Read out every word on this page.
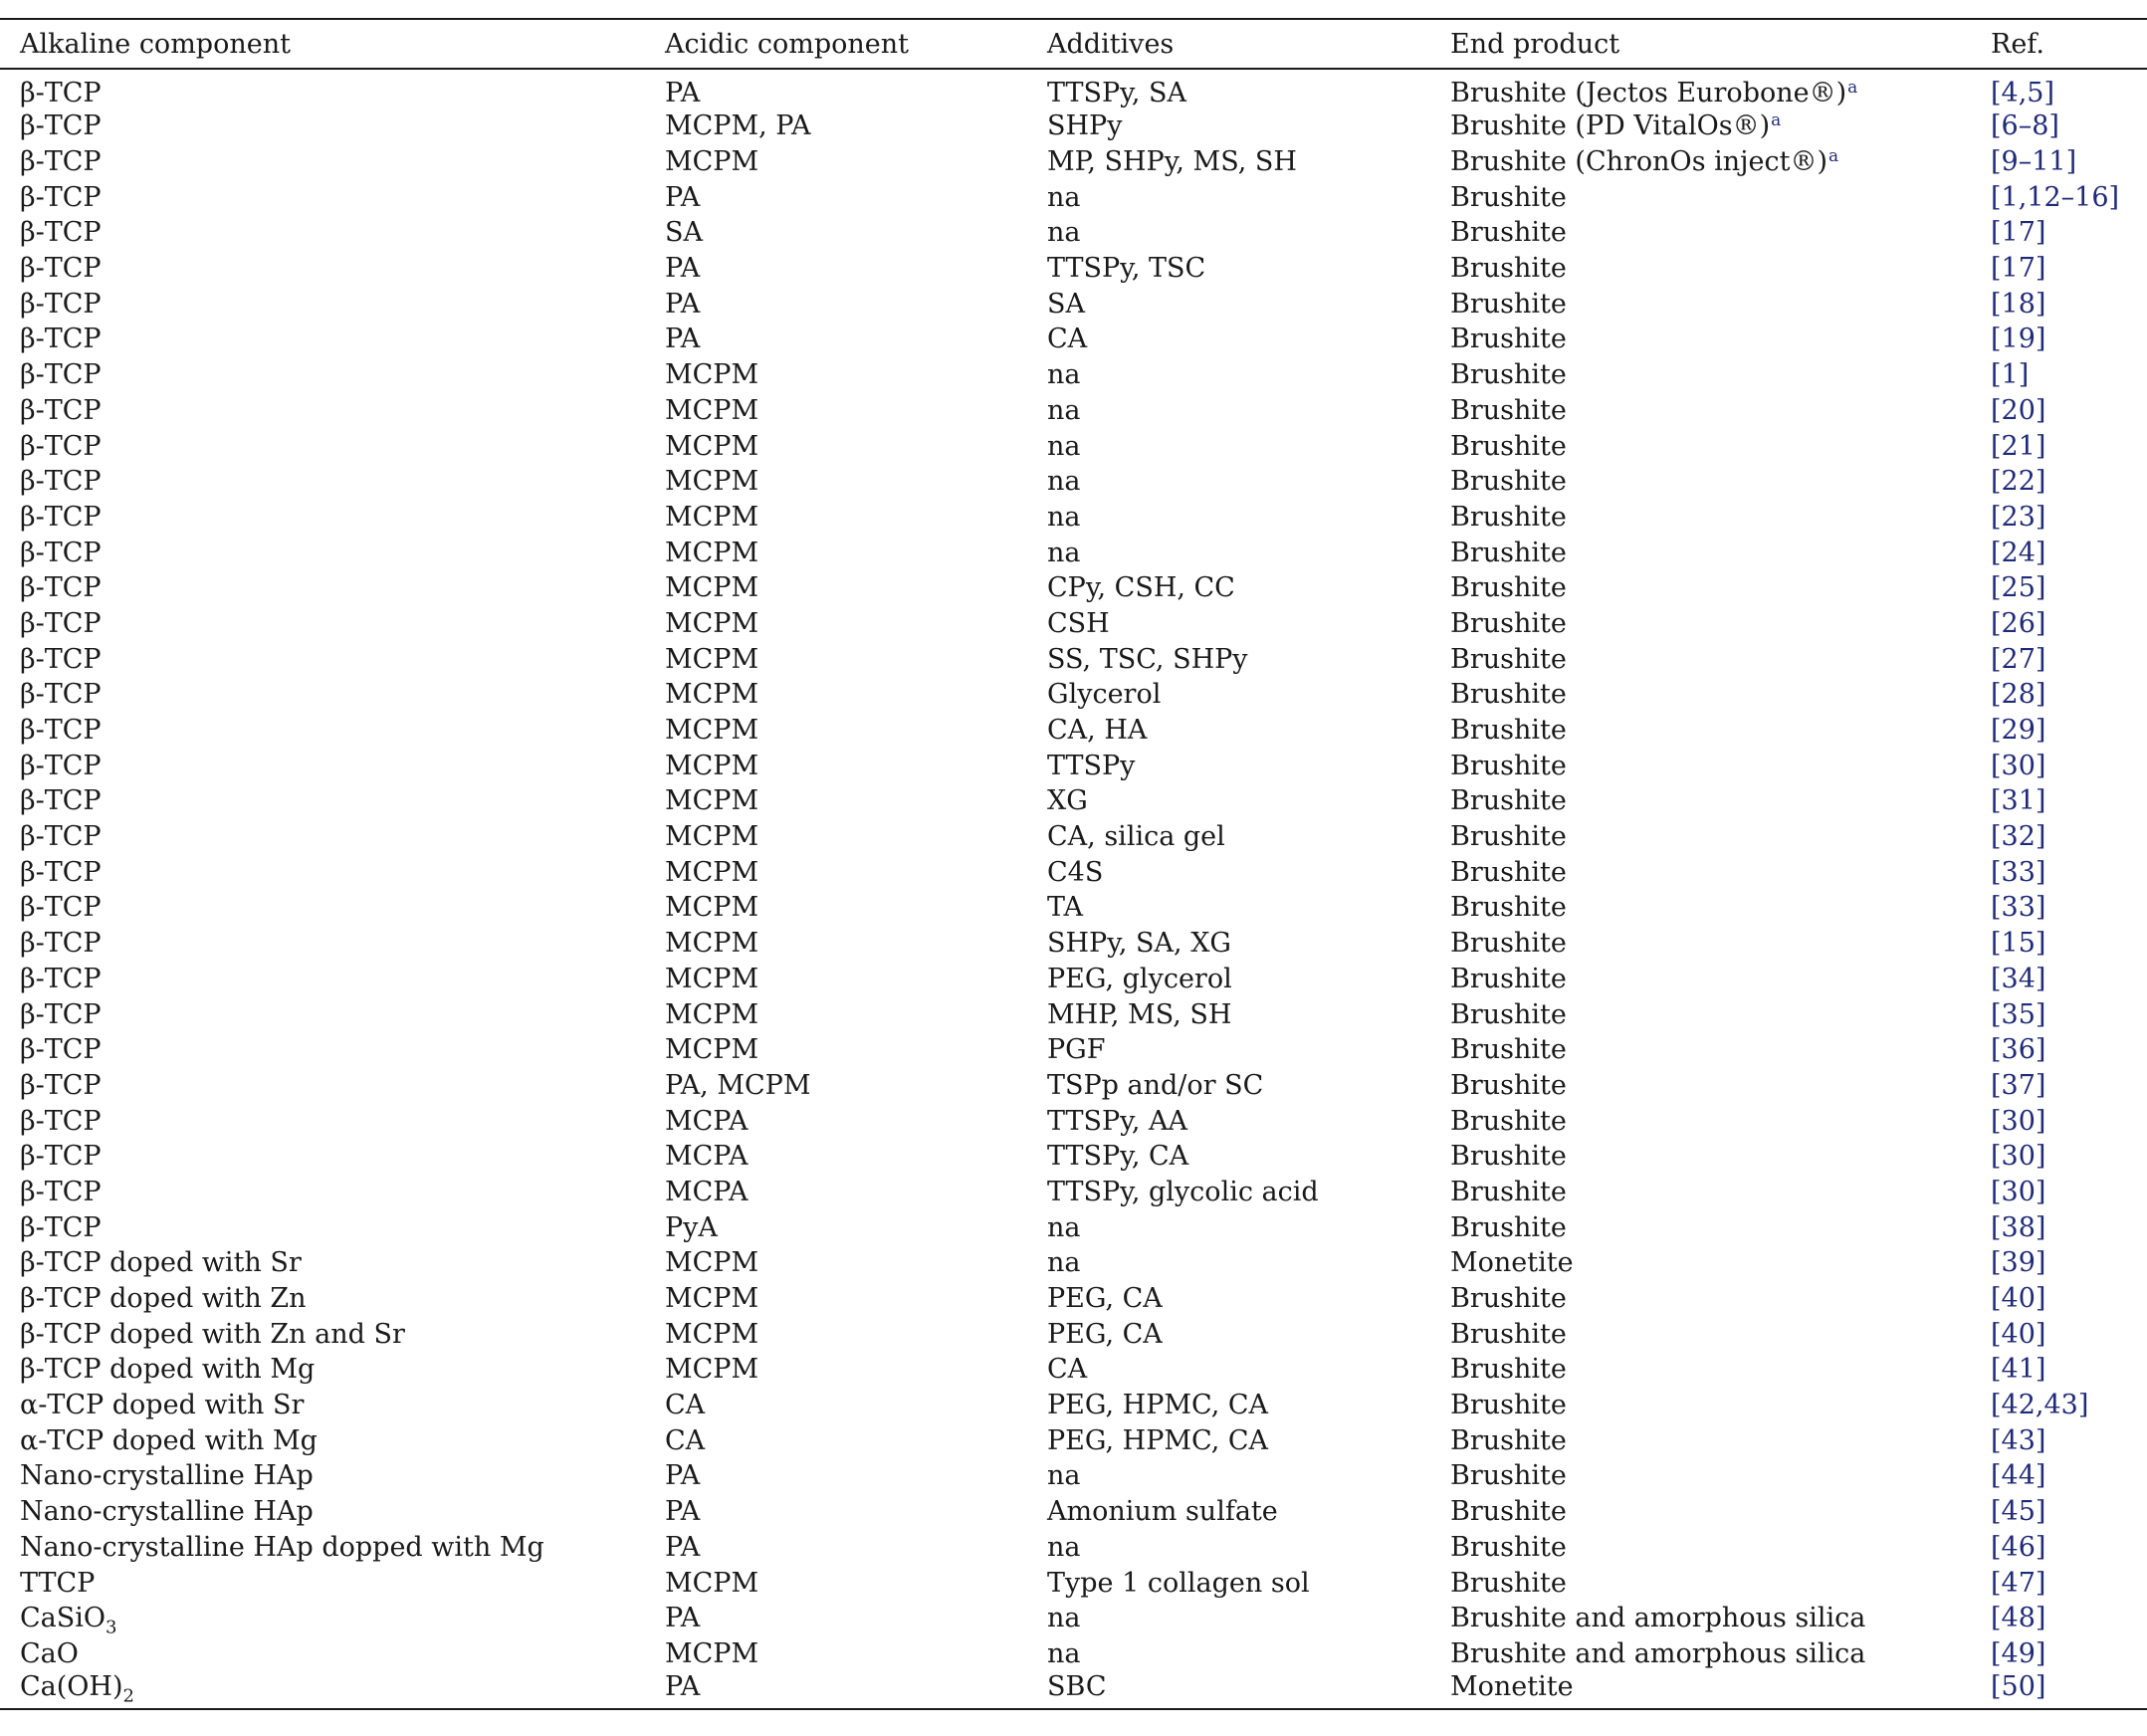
Alkaline component	Acidic component	Additives	End product	Ref.
β-TCP	PA	TTSPy, SA	Brushite (Jectos Eurobone®)$^a$	[4,5]
β-TCP	MCPM, PA	SHPy	Brushite (PD VitalOs®)$^a$	[6–8]
β-TCP	MCPM	MP, SHPy, MS, SH	Brushite (ChronOs inject®)$^a$	[9–11]
β-TCP	PA	na	Brushite	[1,12–16]
β-TCP	SA	na	Brushite	[17]
β-TCP	PA	TTSPy, TSC	Brushite	[17]
β-TCP	PA	SA	Brushite	[18]
β-TCP	PA	CA	Brushite	[19]
β-TCP	MCPM	na	Brushite	[1]
β-TCP	MCPM	na	Brushite	[20]
β-TCP	MCPM	na	Brushite	[21]
β-TCP	MCPM	na	Brushite	[22]
β-TCP	MCPM	na	Brushite	[23]
β-TCP	MCPM	na	Brushite	[24]
β-TCP	MCPM	CPy, CSH, CC	Brushite	[25]
β-TCP	MCPM	CSH	Brushite	[26]
β-TCP	MCPM	SS, TSC, SHPy	Brushite	[27]
β-TCP	MCPM	Glycerol	Brushite	[28]
β-TCP	MCPM	CA, HA	Brushite	[29]
β-TCP	MCPM	TTSPy	Brushite	[30]
β-TCP	MCPM	XG	Brushite	[31]
β-TCP	MCPM	CA, silica gel	Brushite	[32]
β-TCP	MCPM	C4S	Brushite	[33]
β-TCP	MCPM	TA	Brushite	[33]
β-TCP	MCPM	SHPy, SA, XG	Brushite	[15]
β-TCP	MCPM	PEG, glycerol	Brushite	[34]
β-TCP	MCPM	MHP, MS, SH	Brushite	[35]
β-TCP	MCPM	PGF	Brushite	[36]
β-TCP	PA, MCPM	TSPp and/or SC	Brushite	[37]
β-TCP	MCPA	TTSPy, AA	Brushite	[30]
β-TCP	MCPA	TTSPy, CA	Brushite	[30]
β-TCP	MCPA	TTSPy, glycolic acid	Brushite	[30]
β-TCP	PyA	na	Brushite	[38]
β-TCP doped with Sr	MCPM	na	Monetite	[39]
β-TCP doped with Zn	MCPM	PEG, CA	Brushite	[40]
β-TCP doped with Zn and Sr	MCPM	PEG, CA	Brushite	[40]
β-TCP doped with Mg	MCPM	CA	Brushite	[41]
α-TCP doped with Sr	CA	PEG, HPMC, CA	Brushite	[42,43]
α-TCP doped with Mg	CA	PEG, HPMC, CA	Brushite	[43]
Nano-crystalline HAp	PA	na	Brushite	[44]
Nano-crystalline HAp	PA	Amonium sulfate	Brushite	[45]
Nano-crystalline HAp dopped with Mg	PA	na	Brushite	[46]
TTCP	MCPM	Type 1 collagen sol	Brushite	[47]
CaSiO$_3$	PA	na	Brushite and amorphous silica	[48]
CaO	MCPM	na	Brushite and amorphous silica	[49]
$Ca(OH)_2$	PA	SBC	Monetite	[50]
